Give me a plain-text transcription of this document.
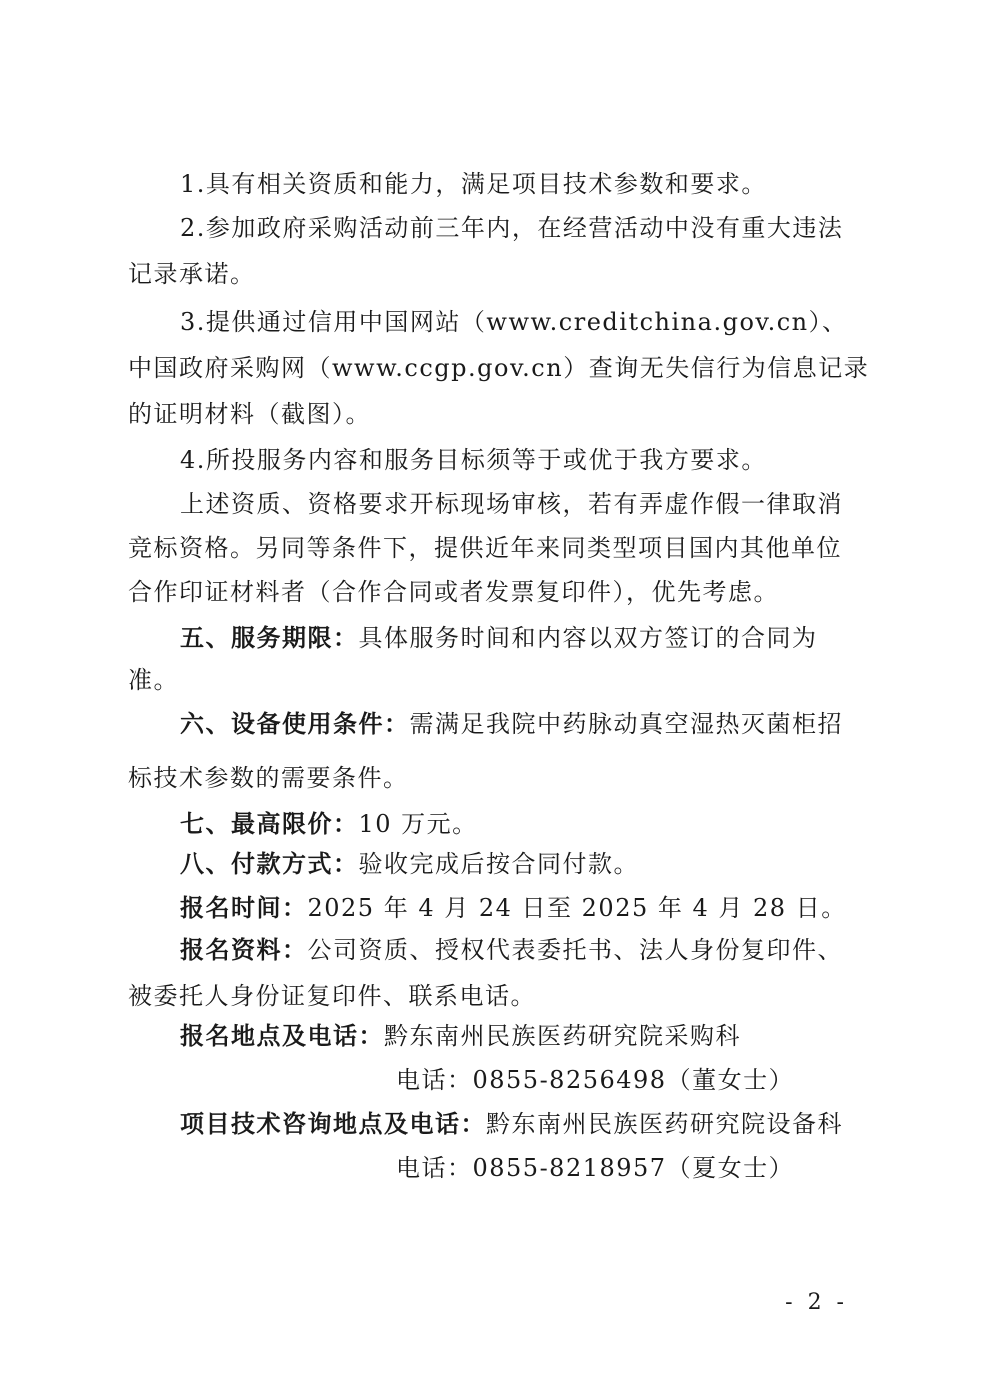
1.具有相关资质和能力，满足项目技术参数和要求。
2.参加政府采购活动前三年内，在经营活动中没有重大违法
记录承诺。
3.提供通过信用中国网站（www.creditchina.gov.cn）、
中国政府采购网（www.ccgp.gov.cn）查询无失信行为信息记录
的证明材料（截图）。
4.所投服务内容和服务目标须等于或优于我方要求。
上述资质、资格要求开标现场审核，若有弄虚作假一律取消
竞标资格。另同等条件下，提供近年来同类型项目国内其他单位
合作印证材料者（合作合同或者发票复印件），优先考虑。
五、服务期限：具体服务时间和内容以双方签订的合同为
准。
六、设备使用条件：需满足我院中药脉动真空湿热灭菌柜招
标技术参数的需要条件。
七、最高限价：10 万元。
八、付款方式：验收完成后按合同付款。
报名时间：2025 年 4 月 24 日至 2025 年 4 月 28 日。
报名资料：公司资质、授权代表委托书、法人身份复印件、
被委托人身份证复印件、联系电话。
报名地点及电话：黔东南州民族医药研究院采购科
电话：0855-8256498（董女士）
项目技术咨询地点及电话：黔东南州民族医药研究院设备科
电话：0855-8218957（夏女士）
- 2 -
